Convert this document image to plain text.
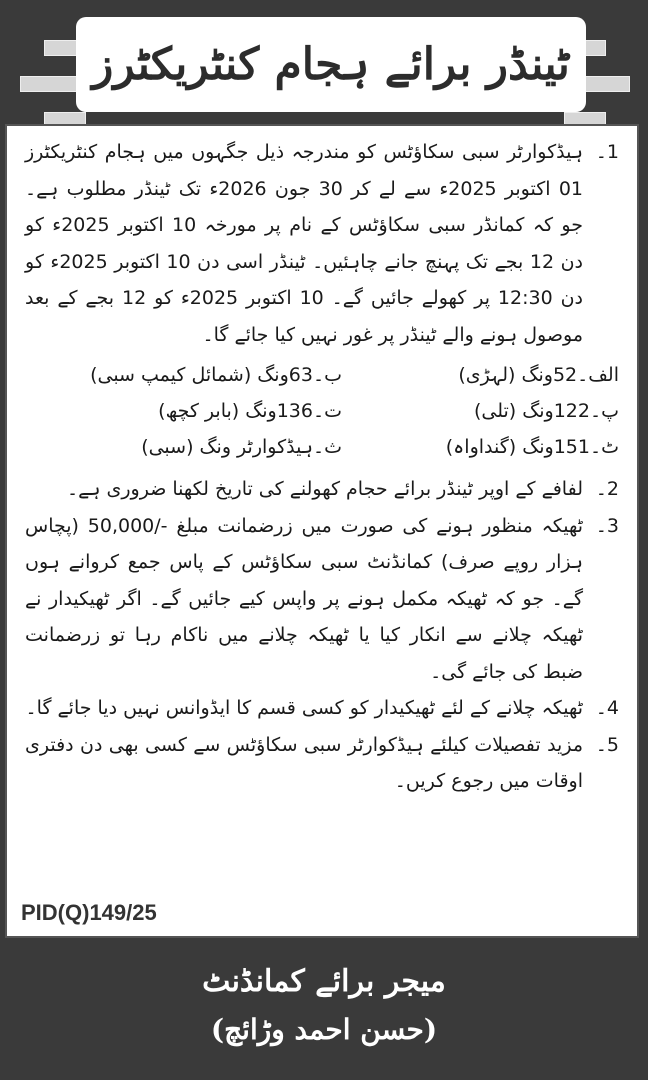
ٹینڈر برائے ہجام کنٹریکٹرز
1۔

ہیڈکوارٹر سبی سکاؤٹس کو مندرجہ ذیل جگہوں میں ہجام کنٹریکٹرز 01 اکتوبر 2025ء سے لے کر 30 جون 2026ء تک ٹینڈر مطلوب ہے۔ جو کہ کمانڈر سبی سکاؤٹس کے نام پر مورخہ 10 اکتوبر 2025ء کو دن 12 بجے تک پہنچ جانے چاہئیں۔ ٹینڈر اسی دن 10 اکتوبر 2025ء کو دن 12:30 پر کھولے جائیں گے۔ 10 اکتوبر 2025ء کو 12 بجے کے بعد موصول ہونے والے ٹینڈر پر غور نہیں کیا جائے گا۔

الف۔52ونگ (لہڑی)
ب۔63ونگ (شمائل کیمپ سبی)
پ۔122ونگ (تلی)
ت۔136ونگ (بابر کچھ)
ٹ۔151ونگ (گنداواہ)
ث۔ہیڈکوارٹر ونگ (سبی)
2۔

لفافے کے اوپر ٹینڈر برائے حجام کھولنے کی تاریخ لکھنا ضروری ہے۔

3۔

ٹھیکہ منظور ہونے کی صورت میں زرضمانت مبلغ -/50,000 (پچاس ہزار روپے صرف) کمانڈنٹ سبی سکاؤٹس کے پاس جمع کروانے ہوں گے۔ جو کہ ٹھیکہ مکمل ہونے پر واپس کیے جائیں گے۔ اگر ٹھیکیدار نے ٹھیکہ چلانے سے انکار کیا یا ٹھیکہ چلانے میں ناکام رہا تو زرضمانت ضبط کی جائے گی۔

4۔

ٹھیکہ چلانے کے لئے ٹھیکیدار کو کسی قسم کا ایڈوانس نہیں دیا جائے گا۔

5۔

مزید تفصیلات کیلئے ہیڈکوارٹر سبی سکاؤٹس سے کسی بھی دن دفتری اوقات میں رجوع کریں۔

PID(Q)149/25
میجر برائے کمانڈنٹ
(حسن احمد وڑائچ)
